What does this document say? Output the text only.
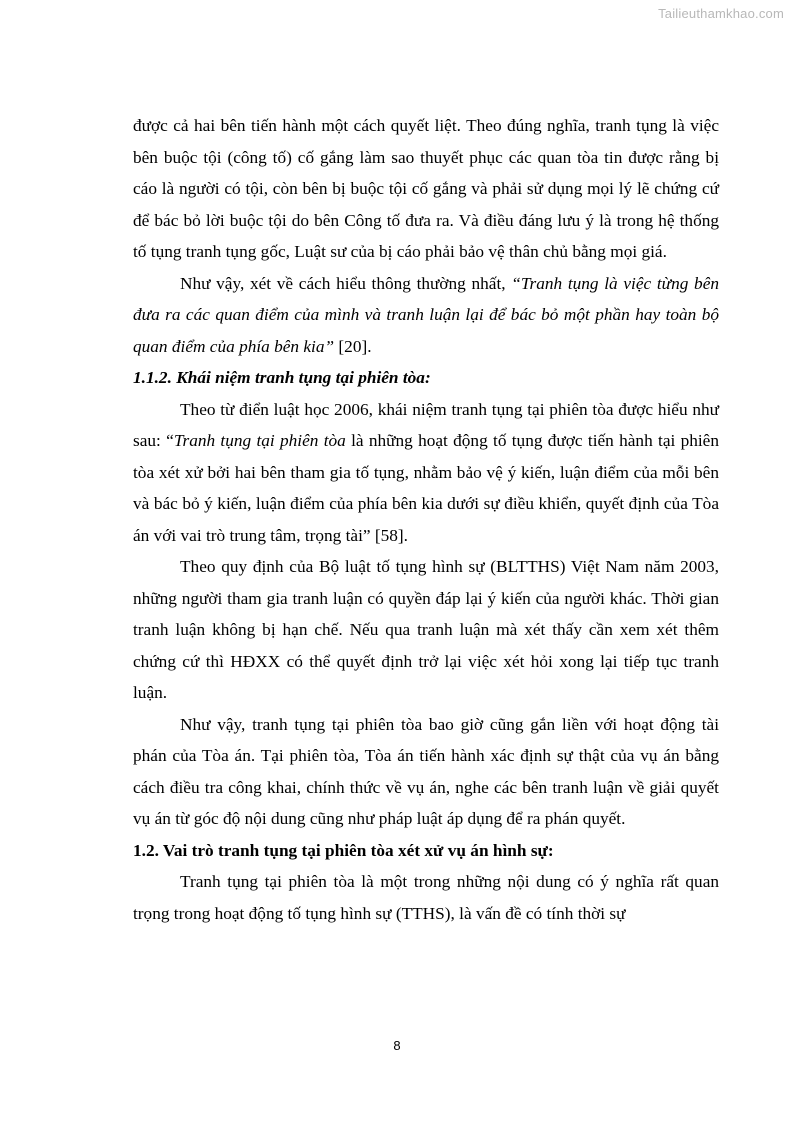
Tailieuthamkhao.com

được cả hai bên tiến hành một cách quyết liệt. Theo đúng nghĩa, tranh tụng là việc bên buộc tội (công tố) cố gắng làm sao thuyết phục các quan tòa tin được rằng bị cáo là người có tội, còn bên bị buộc tội cố gắng và phải sử dụng mọi lý lẽ chứng cứ để bác bỏ lời buộc tội do bên Công tố đưa ra. Và điều đáng lưu ý là trong hệ thống tố tụng tranh tụng gốc, Luật sư của bị cáo phải bảo vệ thân chủ bằng mọi giá.

Như vậy, xét về cách hiểu thông thường nhất, “Tranh tụng là việc từng bên đưa ra các quan điểm của mình và tranh luận lại để bác bỏ một phần hay toàn bộ quan điểm của phía bên kia” [20].

1.1.2. Khái niệm tranh tụng tại phiên tòa:

Theo từ điển luật học 2006, khái niệm tranh tụng tại phiên tòa được hiểu như sau: “Tranh tụng tại phiên tòa là những hoạt động tố tụng được tiến hành tại phiên tòa xét xử bởi hai bên tham gia tố tụng, nhằm bảo vệ ý kiến, luận điểm của mỗi bên và bác bỏ ý kiến, luận điểm của phía bên kia dưới sự điều khiển, quyết định của Tòa án với vai trò trung tâm, trọng tài” [58].

Theo quy định của Bộ luật tố tụng hình sự (BLTTHS) Việt Nam năm 2003, những người tham gia tranh luận có quyền đáp lại ý kiến của người khác. Thời gian tranh luận không bị hạn chế. Nếu qua tranh luận mà xét thấy cần xem xét thêm chứng cứ thì HĐXX có thể quyết định trở lại việc xét hỏi xong lại tiếp tục tranh luận.

Như vậy, tranh tụng tại phiên tòa bao giờ cũng gắn liền với hoạt động tài phán của Tòa án. Tại phiên tòa, Tòa án tiến hành xác định sự thật của vụ án bằng cách điều tra công khai, chính thức về vụ án, nghe các bên tranh luận về giải quyết vụ án từ góc độ nội dung cũng như pháp luật áp dụng để ra phán quyết.

1.2. Vai trò tranh tụng tại phiên tòa xét xử vụ án hình sự:

Tranh tụng tại phiên tòa là một trong những nội dung có ý nghĩa rất quan trọng trong hoạt động tố tụng hình sự (TTHS), là vấn đề có tính thời sự

8
